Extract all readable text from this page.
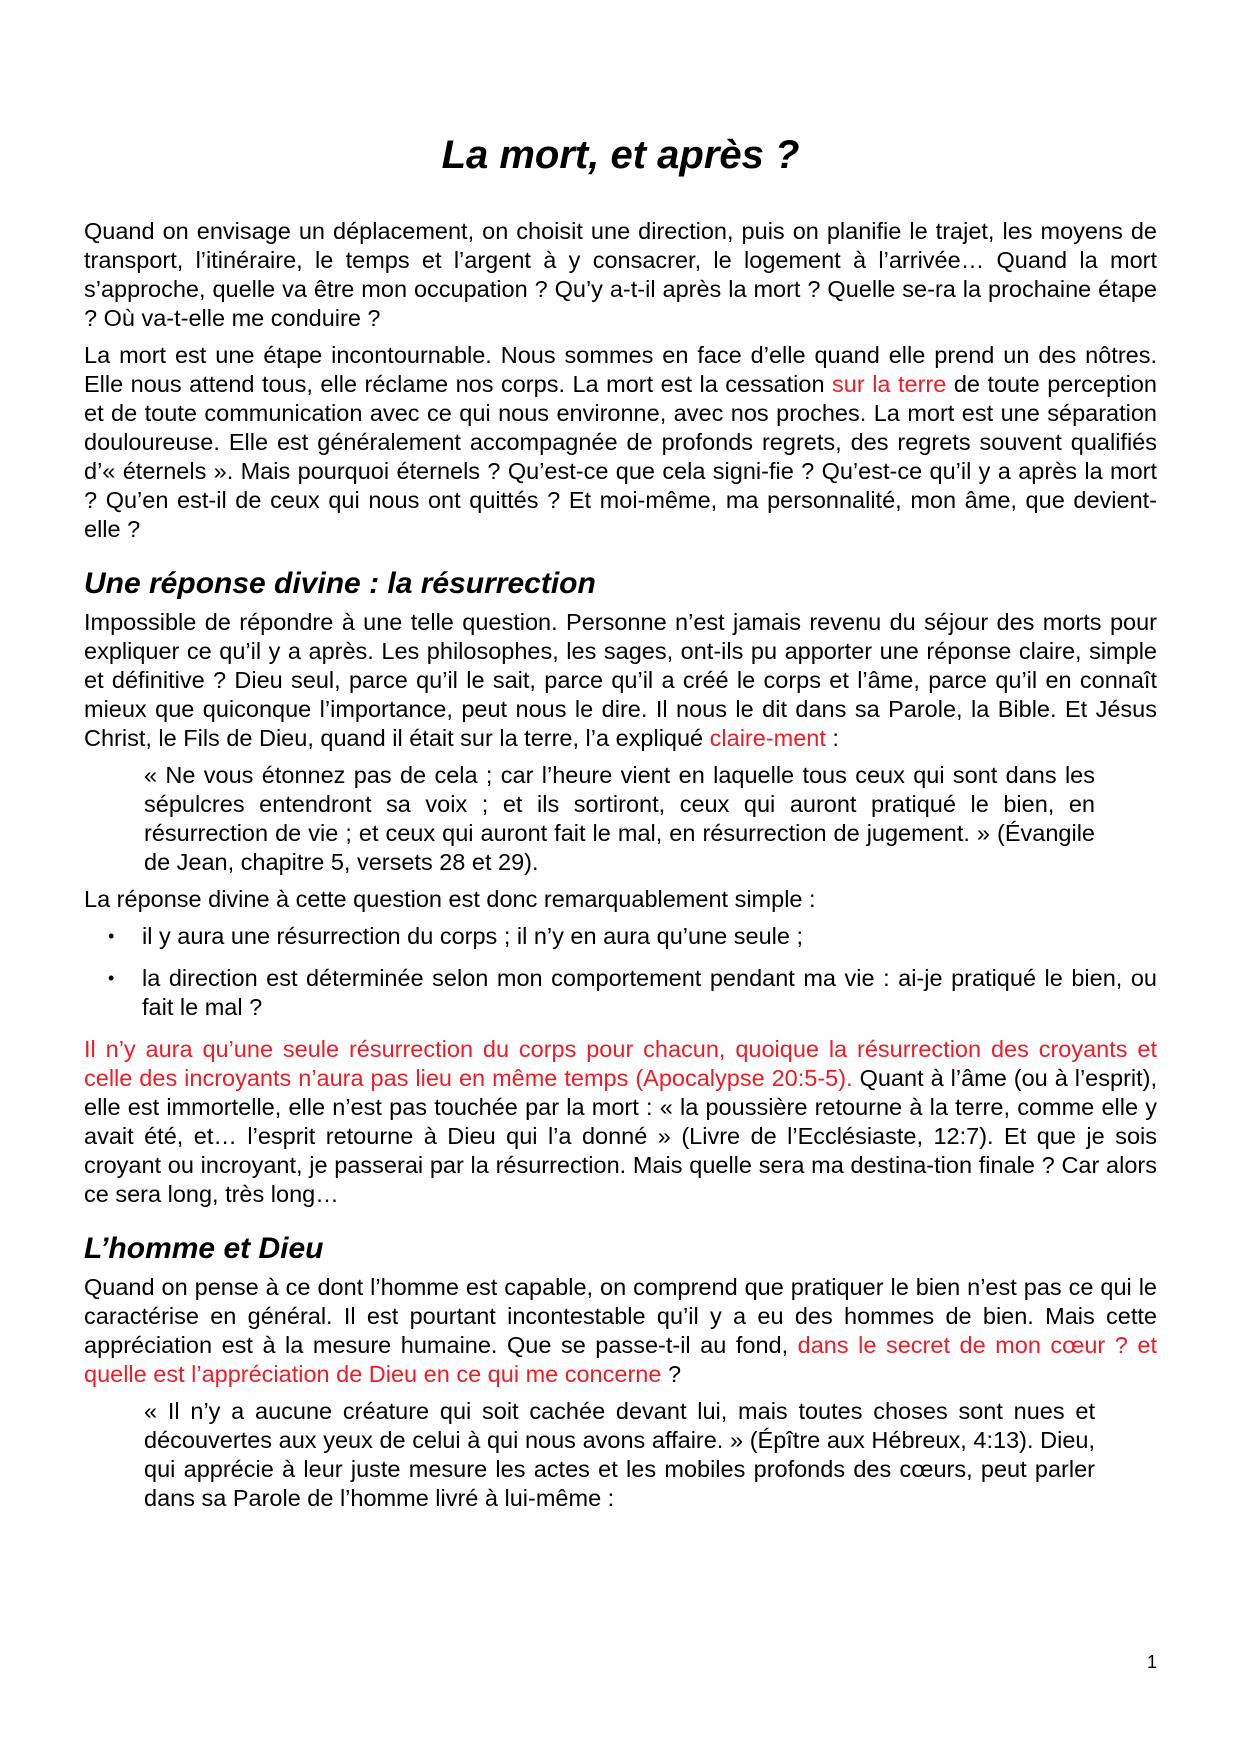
La mort, et après ?

Quand on envisage un déplacement, on choisit une direction, puis on planifie le trajet, les moyens de transport, l’itinéraire, le temps et l’argent à y consacrer, le logement à l’arrivée… Quand la mort s’approche, quelle va être mon occupation ? Qu’y a-t-il après la mort ? Quelle se-ra la prochaine étape ? Où va-t-elle me conduire ?

La mort est une étape incontournable. Nous sommes en face d’elle quand elle prend un des nôtres. Elle nous attend tous, elle réclame nos corps. La mort est la cessation sur la terre de toute perception et de toute communication avec ce qui nous environne, avec nos proches. La mort est une séparation douloureuse. Elle est généralement accompagnée de profonds regrets, des regrets souvent qualifiés d’« éternels ». Mais pourquoi éternels ? Qu’est-ce que cela signi-fie ? Qu’est-ce qu’il y a après la mort ? Qu’en est-il de ceux qui nous ont quittés ? Et moi-même, ma personnalité, mon âme, que devient-elle ?

Une réponse divine : la résurrection

Impossible de répondre à une telle question. Personne n’est jamais revenu du séjour des morts pour expliquer ce qu’il y a après. Les philosophes, les sages, ont-ils pu apporter une réponse claire, simple et définitive ? Dieu seul, parce qu’il le sait, parce qu’il a créé le corps et l’âme, parce qu’il en connaît mieux que quiconque l’importance, peut nous le dire. Il nous le dit dans sa Parole, la Bible. Et Jésus Christ, le Fils de Dieu, quand il était sur la terre, l’a expliqué claire-ment :

« Ne vous étonnez pas de cela ; car l’heure vient en laquelle tous ceux qui sont dans les sépulcres entendront sa voix ; et ils sortiront, ceux qui auront pratiqué le bien, en résurrection de vie ; et ceux qui auront fait le mal, en résurrection de jugement. » (Évangile de Jean, chapitre 5, versets 28 et 29).

La réponse divine à cette question est donc remarquablement simple :

• il y aura une résurrection du corps ; il n’y en aura qu’une seule ;
• la direction est déterminée selon mon comportement pendant ma vie : ai-je pratiqué le bien, ou fait le mal ?

Il n’y aura qu’une seule résurrection du corps pour chacun, quoique la résurrection des croyants et celle des incroyants n’aura pas lieu en même temps (Apocalypse 20:5-5). Quant à l’âme (ou à l’esprit), elle est immortelle, elle n’est pas touchée par la mort : « la poussière retourne à la terre, comme elle y avait été, et… l’esprit retourne à Dieu qui l’a donné » (Livre de l’Ecclésiaste, 12:7). Et que je sois croyant ou incroyant, je passerai par la résurrection. Mais quelle sera ma destina-tion finale ? Car alors ce sera long, très long…

L’homme et Dieu

Quand on pense à ce dont l’homme est capable, on comprend que pratiquer le bien n’est pas ce qui le caractérise en général. Il est pourtant incontestable qu’il y a eu des hommes de bien. Mais cette appréciation est à la mesure humaine. Que se passe-t-il au fond, dans le secret de mon cœur ? et quelle est l’appréciation de Dieu en ce qui me concerne ?

« Il n’y a aucune créature qui soit cachée devant lui, mais toutes choses sont nues et découvertes aux yeux de celui à qui nous avons affaire. » (Épître aux Hébreux, 4:13). Dieu, qui apprécie à leur juste mesure les actes et les mobiles profonds des cœurs, peut parler dans sa Parole de l’homme livré à lui-même :
1
